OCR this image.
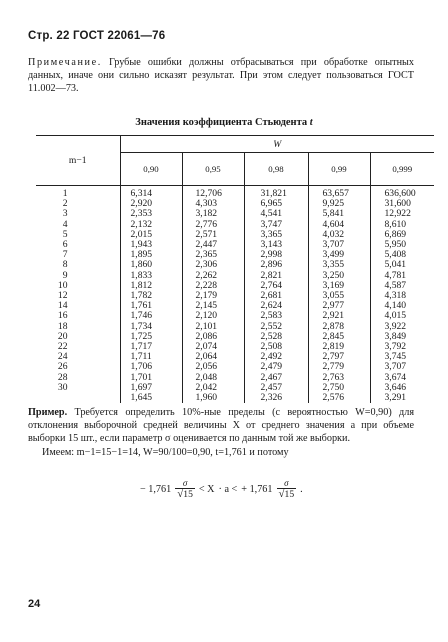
Стр. 22 ГОСТ 22061—76
Примечание. Грубые ошибки должны отбрасываться при обработке опытных данных, иначе они сильно исказят результат. При этом следует пользоваться ГОСТ 11.002—73.
Значения коэффициента Стьюдента t
m−1	W				
	0,90	0,95	0,98	0,99	0,999
1	6,314	12,706	31,821	63,657	636,600
2	2,920	4,303	6,965	9,925	31,600
3	2,353	3,182	4,541	5,841	12,922
4	2,132	2,776	3,747	4,604	8,610
5	2,015	2,571	3,365	4,032	6,869
6	1,943	2,447	3,143	3,707	5,950
7	1,895	2,365	2,998	3,499	5,408
8	1,860	2,306	2,896	3,355	5,041
9	1,833	2,262	2,821	3,250	4,781
10	1,812	2,228	2,764	3,169	4,587
12	1,782	2,179	2,681	3,055	4,318
14	1,761	2,145	2,624	2,977	4,140
16	1,746	2,120	2,583	2,921	4,015
18	1,734	2,101	2,552	2,878	3,922
20	1,725	2,086	2,528	2,845	3,849
22	1,717	2,074	2,508	2,819	3,792
24	1,711	2,064	2,492	2,797	3,745
26	1,706	2,056	2,479	2,779	3,707
28	1,701	2,048	2,467	2,763	3,674
30	1,697	2,042	2,457	2,750	3,646
	1,645	1,960	2,326	2,576	3,291
Пример. Требуется определить 10%-ные пределы (с вероятностью W=0,90) для отклонения выборочной средней величины X от среднего значения a при объеме выборки 15 шт., если параметр σ оценивается по данным той же выборки.
Имеем: m−1=15−1=14, W=90/100=0,90, t=1,761 и потому
− $1,761 \frac{\sigma}{√15} < X \cdot a$ < + $1,761 \frac{\sigma}{√15}$ .
24
